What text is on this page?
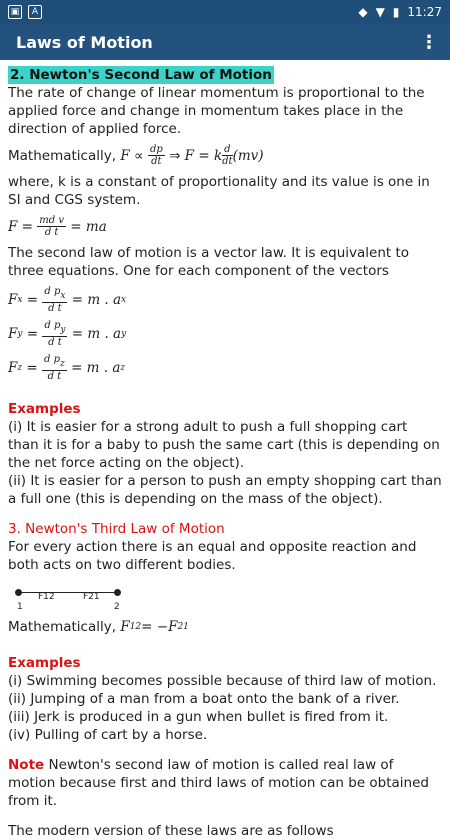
▣	A	◆ ▼ ▮ 11:27
Laws of Motion	⋮
2. Newton's Second Law of Motion

The rate of change of linear momentum is proportional to the applied force and change in momentum takes place in the direction of applied force.

Mathematically,
F
∝
$\frac{dp}{dt}$
⇒
F =
k $\frac{d}{dt} (mv)$

where, k is a constant of proportionality and its value is one in SI and CGS system.

F =
$\frac{\text{md v}}{\text{d t}}$
= ma

The second law of motion is a vector law. It is equivalent to three equations. One for each component of the vectors

F $x = \frac{\text{d px}}{\text{d t}}$
= m . a x
F $y = \frac{\text{d py}}{\text{d t}}$
= m . a y
F $z = \frac{\text{d pz}}{\text{d t}}$
= m . a z

Examples

(i) It is easier for a strong adult to push a full shopping cart than it is for a baby to push the same cart (this is depending on the net force acting on the object).

(ii) It is easier for a person to push an empty shopping cart than a full one (this is depending on the mass of the object).

3. Newton's Third Law of Motion

For every action there is an equal and opposite reaction and both acts on two different bodies.

F12	F21
1	2
Mathematically,
F 12 = −F 21

Examples

(i) Swimming becomes possible because of third law of motion.

(ii) Jumping of a man from a boat onto the bank of a river.

(iii) Jerk is produced in a gun when bullet is fired from it.

(iv) Pulling of cart by a horse.

Note Newton's second law of motion is called real law of motion because first and third laws of motion can be obtained from it.

The modern version of these laws are as follows
